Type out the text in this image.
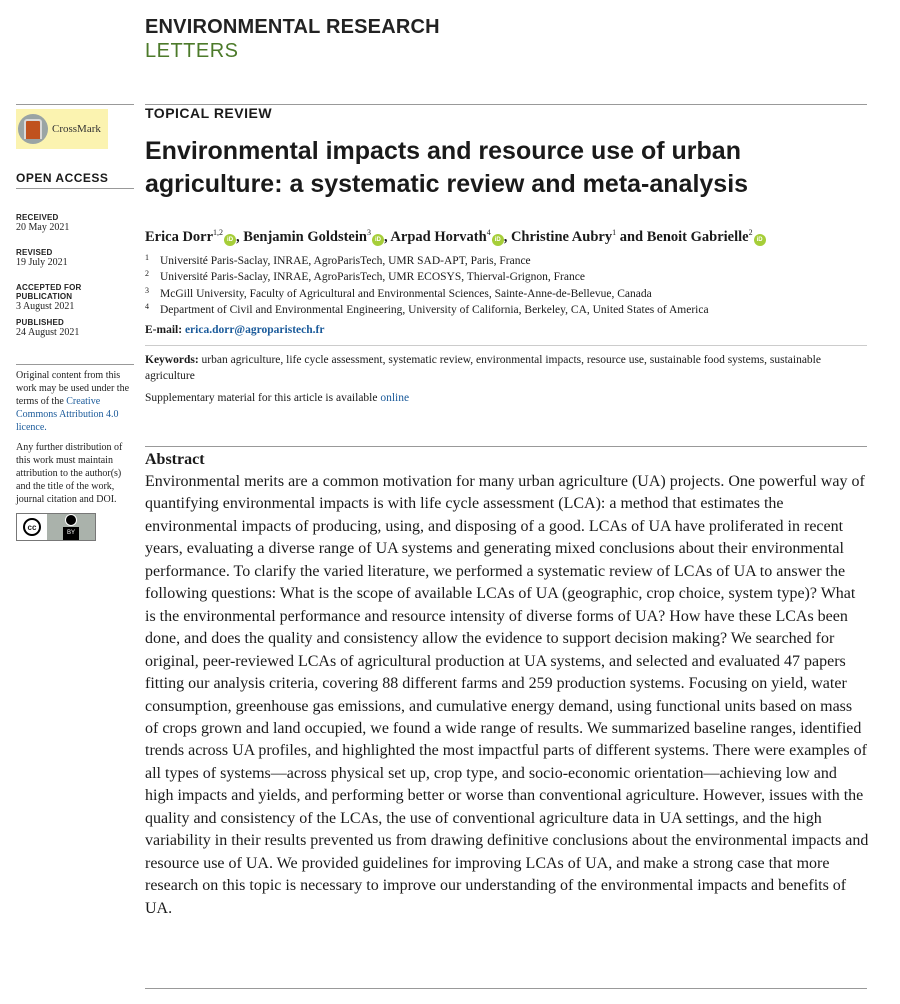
ENVIRONMENTAL RESEARCH
LETTERS
CrossMark
OPEN ACCESS
RECEIVED
20 May 2021
REVISED
19 July 2021
ACCEPTED FOR PUBLICATION
3 August 2021
PUBLISHED
24 August 2021

Original content from this work may be used under the terms of the Creative Commons Attribution 4.0 licence.

Any further distribution of this work must maintain attribution to the author(s) and the title of the work, journal citation and DOI.

cc
BY
TOPICAL REVIEW
Environmental impacts and resource use of urban agriculture: a systematic review and meta-analysis
Erica Dorr$^{1,2}$iD , Benjamin Goldstein$^3$iD , Arpad Horvath$^4$iD , Christine Aubry$^1$ and Benoit Gabrielle$^2$iD
1 Université Paris-Saclay, INRAE, AgroParisTech, UMR SAD-APT, Paris, France
2 Université Paris-Saclay, INRAE, AgroParisTech, UMR ECOSYS, Thierval-Grignon, France
3 McGill University, Faculty of Agricultural and Environmental Sciences, Sainte-Anne-de-Bellevue, Canada
4 Department of Civil and Environmental Engineering, University of California, Berkeley, CA, United States of America
E-mail: erica.dorr@agroparistech.fr
Keywords: urban agriculture, life cycle assessment, systematic review, environmental impacts, resource use, sustainable food systems, sustainable agriculture
Supplementary material for this article is available online
Abstract
Environmental merits are a common motivation for many urban agriculture (UA) projects. One powerful way of quantifying environmental impacts is with life cycle assessment (LCA): a method that estimates the environmental impacts of producing, using, and disposing of a good. LCAs of UA have proliferated in recent years, evaluating a diverse range of UA systems and generating mixed conclusions about their environmental performance. To clarify the varied literature, we performed a systematic review of LCAs of UA to answer the following questions: What is the scope of available LCAs of UA (geographic, crop choice, system type)? What is the environmental performance and resource intensity of diverse forms of UA? How have these LCAs been done, and does the quality and consistency allow the evidence to support decision making? We searched for original, peer-reviewed LCAs of agricultural production at UA systems, and selected and evaluated 47 papers fitting our analysis criteria, covering 88 different farms and 259 production systems. Focusing on yield, water consumption, greenhouse gas emissions, and cumulative energy demand, using functional units based on mass of crops grown and land occupied, we found a wide range of results. We summarized baseline ranges, identified trends across UA profiles, and highlighted the most impactful parts of different systems. There were examples of all types of systems—across physical set up, crop type, and socio-economic orientation—achieving low and high impacts and yields, and performing better or worse than conventional agriculture. However, issues with the quality and consistency of the LCAs, the use of conventional agriculture data in UA settings, and the high variability in their results prevented us from drawing definitive conclusions about the environmental impacts and resource use of UA. We provided guidelines for improving LCAs of UA, and make a strong case that more research on this topic is necessary to improve our understanding of the environmental impacts and benefits of UA.
